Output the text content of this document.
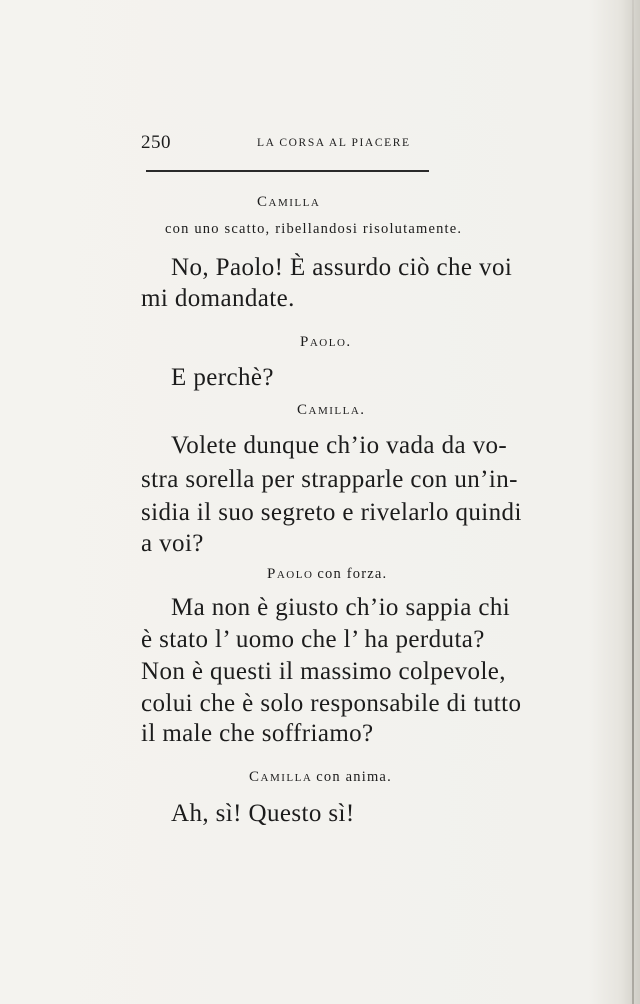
250	LA CORSA AL PIACERE
Camilla
con uno scatto, ribellandosi risolutamente.
No, Paolo! È assurdo ciò che voi
mi domandate.
Paolo.
E perchè?
Camilla.
Volete dunque ch’io vada da vo-
stra sorella per strapparle con un’in-
sidia il suo segreto e rivelarlo quindi
a voi?
Paolo con forza.
Ma non è giusto ch’io sappia chi
è stato l’ uomo che l’ ha perduta?
Non è questi il massimo colpevole,
colui che è solo responsabile di tutto
il male che soffriamo?
Camilla con anima.
Ah, sì! Questo sì!
